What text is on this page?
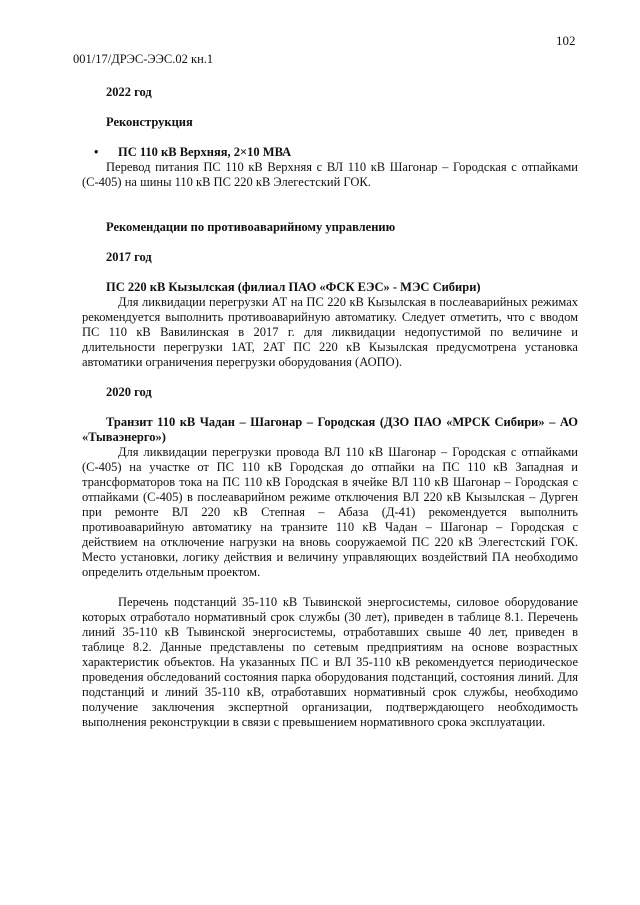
102
001/17/ДРЭС-ЭЭС.02 кн.1
2022 год
Реконструкция
•	ПС 110 кВ Верхняя, 2×10 МВА

Перевод питания ПС 110 кВ Верхняя с ВЛ 110 кВ Шагонар – Городская с отпайками (С-405) на шины 110 кВ ПС 220 кВ Элегестский ГОК.

Рекомендации по противоаварийному управлению
2017 год
ПС 220 кВ Кызылская (филиал ПАО «ФСК ЕЭС» - МЭС Сибири)

Для ликвидации перегрузки АТ на ПС 220 кВ Кызылская в послеаварийных режимах рекомендуется выполнить противоаварийную автоматику. Следует отметить, что с вводом ПС 110 кВ Вавилинская в 2017 г. для ликвидации недопустимой по величине и длительности перегрузки 1АТ, 2АТ ПС 220 кВ Кызылская предусмотрена установка автоматики ограничения перегрузки оборудования (АОПО).

2020 год
Транзит 110 кВ Чадан – Шагонар – Городская (ДЗО ПАО «МРСК Сибири» – АО «Тываэнерго»)

Для ликвидации перегрузки провода ВЛ 110 кВ Шагонар – Городская с отпайками (С-405) на участке от ПС 110 кВ Городская до отпайки на ПС 110 кВ Западная и трансформаторов тока на ПС 110 кВ Городская в ячейке ВЛ 110 кВ Шагонар – Городская с отпайками (С-405) в послеаварийном режиме отключения ВЛ 220 кВ Кызылская – Дурген при ремонте ВЛ 220 кВ Степная – Абаза (Д-41) рекомендуется выполнить противоаварийную автоматику на транзите 110 кВ Чадан – Шагонар – Городская с действием на отключение нагрузки на вновь сооружаемой ПС 220 кВ Элегестский ГОК. Место установки, логику действия и величину управляющих воздействий ПА необходимо определить отдельным проектом.

Перечень подстанций 35-110 кВ Тывинской энергосистемы, силовое оборудование которых отработало нормативный срок службы (30 лет), приведен в таблице 8.1. Перечень линий 35-110 кВ Тывинской энергосистемы, отработавших свыше 40 лет, приведен в таблице 8.2. Данные представлены по сетевым предприятиям на основе возрастных характеристик объектов. На указанных ПС и ВЛ 35-110 кВ рекомендуется периодическое проведения обследований состояния парка оборудования подстанций, состояния линий. Для подстанций и линий 35-110 кВ, отработавших нормативный срок службы, необходимо получение заключения экспертной организации, подтверждающего необходимость выполнения реконструкции в связи с превышением нормативного срока эксплуатации.
